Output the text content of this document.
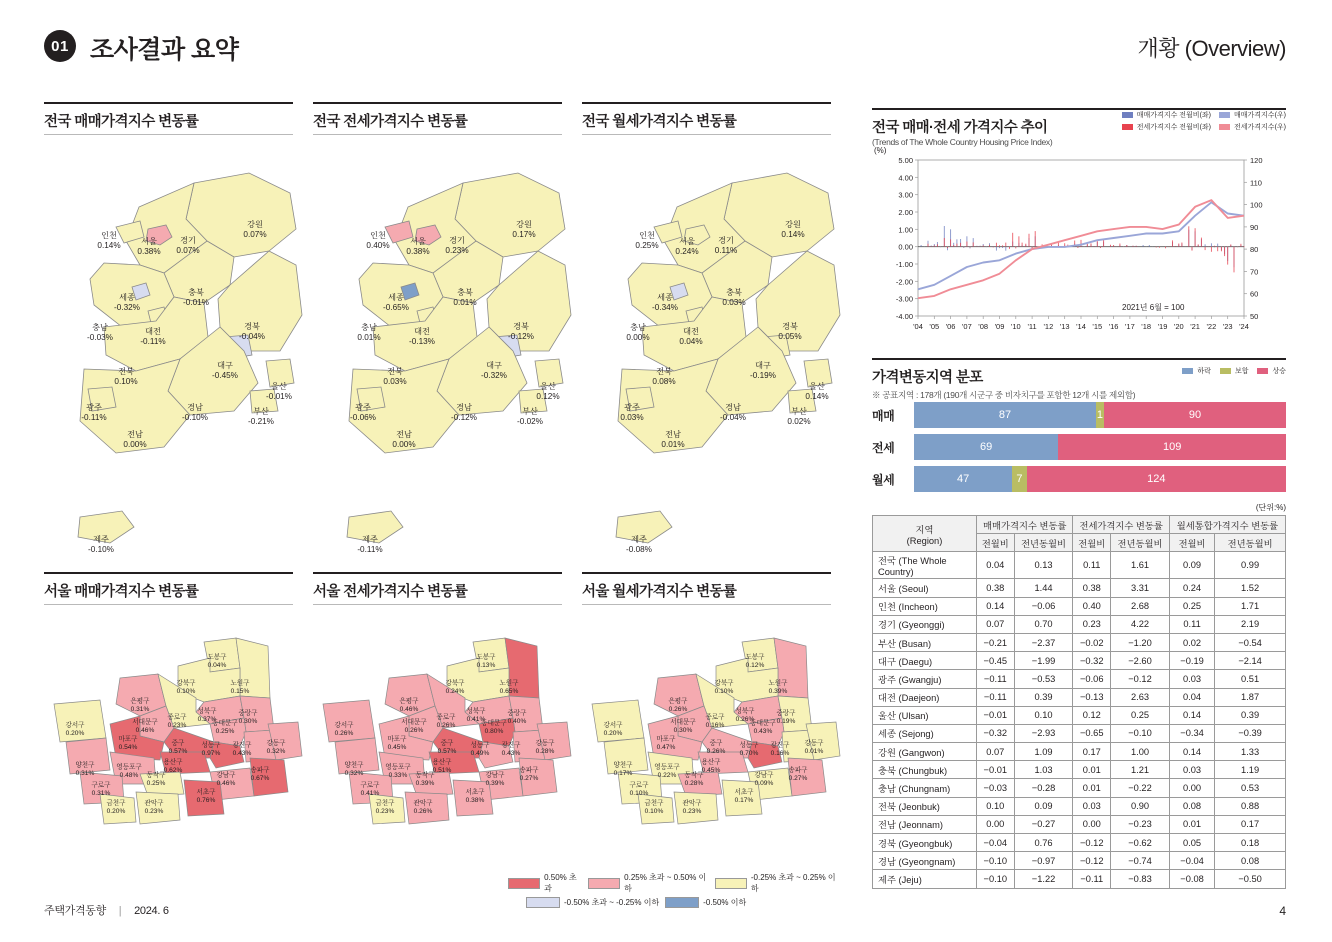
01 조사결과 요약	개황 (Overview)
전국 매매가격지수 변동률	전국 전세가격지수 변동률	전국 월세가격지수 변동률
서울 매매가격지수 변동률	서울 전세가격지수 변동률	서울 월세가격지수 변동률
인천
0.14%	서울
0.38%
경기
0.07%
강원
0.07%
세종
-0.32%
충북
-0.01%
충남
-0.03%
대전
-0.11%
경북
-0.04%
전북
0.10%
대구
-0.45%
울산
-0.01%
광주
-0.11%
경남
-0.10%
부산
-0.21%
전남
0.00%
제주
-0.10%
인천
0.40%	서울
0.38%
경기
0.23%
강원
0.17%
세종
-0.65%
충북
0.01%
충남
0.01%
대전
-0.13%
경북
-0.12%
전북
0.03%
대구
-0.32%
울산
0.12%
광주
-0.06%
경남
-0.12%
부산
-0.02%
전남
0.00%
제주
-0.11%
인천
0.25%	서울
0.24%
경기
0.11%
강원
0.14%
세종
-0.34%
충북
0.03%
충남
0.00%
대전
0.04%
경북
0.05%
전북
0.08%
대구
-0.19%
울산
0.14%
광주
0.03%
경남
-0.04%
부산
0.02%
전남
0.01%
제주
-0.08%
도봉구
0.04%
강북구
0.10%
노원구
0.15%
은평구
0.31%	성북구
0.37%
중랑구
0.30%
종로구
0.23%
서대문구
0.46%
동대문구
0.25%
강서구
0.20%
마포구
0.54%
중구
0.57%
성동구
0.97%
광진구
0.43%
강동구
0.32%
용산구
0.62%
양천구
0.31%
영등포구
0.48%	동작구
0.25%
강남구
0.46%
송파구
0.67%
구로구
0.31%	서초구
0.76%
금천구
0.20%
관악구
0.23%
도봉구
0.13%
강북구
0.24%
노원구
0.65%
은평구
0.46%	성북구
0.41%
중랑구
0.40%
종로구
0.26%
서대문구
0.26%
동대문구
0.80%
강서구
0.26%
마포구
0.45%
중구
0.57%
성동구
0.49%
광진구
0.43%
강동구
0.28%
용산구
0.51%
양천구
0.32%
영등포구
0.33%	동작구
0.39%
강남구
0.39%
송파구
0.27%
구로구
0.41%	서초구
0.38%
금천구
0.23%
관악구
0.26%
도봉구
0.12%
강북구
0.10%
노원구
0.39%
은평구
0.26%	성북구
0.26%
중랑구
0.19%
종로구
0.16%
서대문구
0.30%
동대문구
0.43%
강서구
0.20%
마포구
0.47%
중구
0.26%
성동구
0.70%
광진구
0.16%
강동구
0.01%
용산구
0.45%
양천구
0.17%
영등포구
0.22%	동작구
0.28%
강남구
0.09%
송파구
0.27%
구로구
0.10%	서초구
0.17%
금천구
0.10%
관악구
0.23%
0.50% 초과
0.25% 초과 ~ 0.50% 이하
-0.25% 초과 ~ 0.25% 이하
-0.50% 초과 ~ -0.25% 이하	-0.50% 이하
전국 매매·전세 가격지수 추이
(Trends of The Whole Country Housing Price Index)
매매가격지수 전월비(좌)
전세가격지수 전월비(좌)
매매가격지수(우)
전세가격지수(우)
5.00
4.00
3.00
2.00
1.00
0.00
-1.00
-2.00
-3.00
-4.00
120
110
100
90
80
70
60
50
'04 '05 '06 '07 '08 '09 '10 '11 '12 '13 '14 '15 '16 '17 '18 '19 '20 '21 '22 '23 '24
(%)
2021년 6월 = 100
가격변동지역 분포
※ 공표지역 : 178개 (190개 시군구 중 비자치구를 포함한 12개 시를 제외함)
하락	보합	상승
매매	87	1	90
전세	69	109
월세	47	7	124
(단위:%)
지역
(Region)	매매가격지수 변동률		전세가격지수 변동률		월세통합가격지수 변동률	
	전월비	전년동월비	전월비	전년동월비	전월비	전년동월비
전국 (The Whole Country)	0.04	0.13	0.11	1.61	0.09	0.99
서울 (Seoul)	0.38	1.44	0.38	3.31	0.24	1.52
인천 (Incheon)	0.14	−0.06	0.40	2.68	0.25	1.71
경기 (Gyeonggi)	0.07	0.70	0.23	4.22	0.11	2.19
부산 (Busan)	−0.21	−2.37	−0.02	−1.20	0.02	−0.54
대구 (Daegu)	−0.45	−1.99	−0.32	−2.60	−0.19	−2.14
광주 (Gwangju)	−0.11	−0.53	−0.06	−0.12	0.03	0.51
대전 (Daejeon)	−0.11	0.39	−0.13	2.63	0.04	1.87
울산 (Ulsan)	−0.01	0.10	0.12	0.25	0.14	0.39
세종 (Sejong)	−0.32	−2.93	−0.65	−0.10	−0.34	−0.39
강원 (Gangwon)	0.07	1.09	0.17	1.00	0.14	1.33
충북 (Chungbuk)	−0.01	1.03	0.01	1.21	0.03	1.19
충남 (Chungnam)	−0.03	−0.28	0.01	−0.22	0.00	0.53
전북 (Jeonbuk)	0.10	0.09	0.03	0.90	0.08	0.88
전남 (Jeonnam)	0.00	−0.27	0.00	−0.23	0.01	0.17
경북 (Gyeongbuk)	−0.04	0.76	−0.12	−0.62	0.05	0.18
경남 (Gyeongnam)	−0.10	−0.97	−0.12	−0.74	−0.04	0.08
제주 (Jeju)	−0.10	−1.22	−0.11	−0.83	−0.08	−0.50
주택가격동향 | 2024. 6	4
